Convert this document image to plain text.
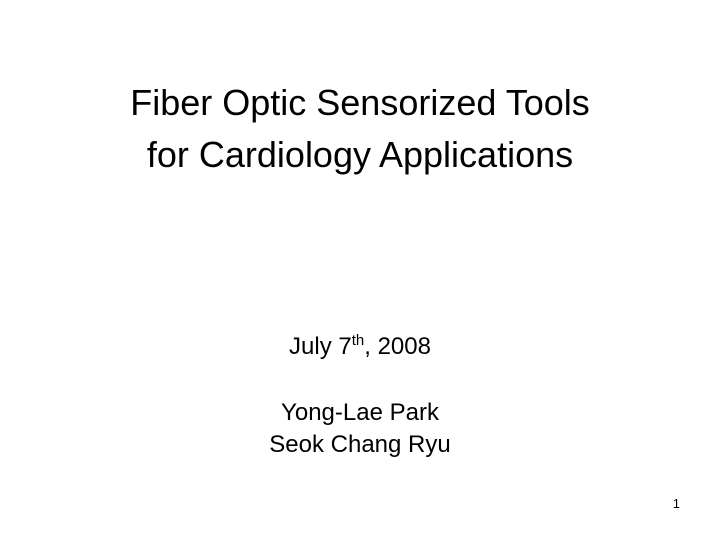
Fiber Optic Sensorized Tools
for Cardiology Applications
July 7th, 2008
Yong-Lae Park
Seok Chang Ryu
1
